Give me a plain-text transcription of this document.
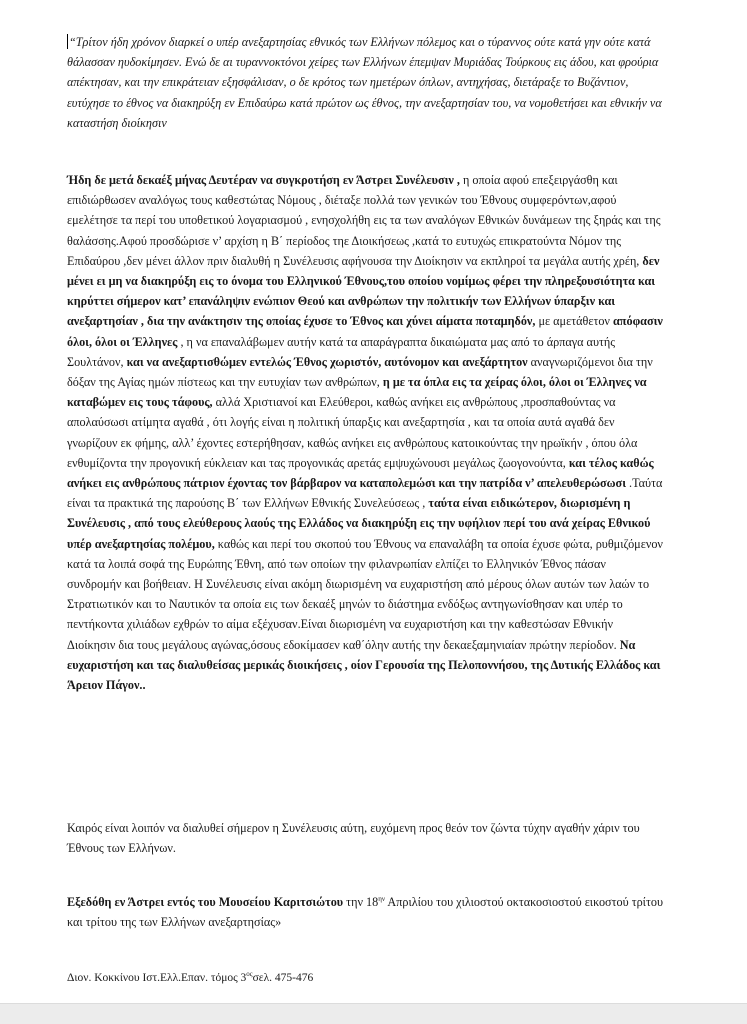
“Τρίτον ήδη χρόνον διαρκεί ο υπέρ ανεξαρτησίας εθνικός των Ελλήνων πόλεμος και ο τύραννος ούτε κατά γην ούτε κατά θάλασσαν ηυδοκίμησεν. Ενώ δε αι τυραννοκτόνοι χείρες των Ελλήνων έπεμψαν Μυριάδας Τούρκους εις άδου, και φρούρια απέκτησαν, και την επικράτειαν εξησφάλισαν, ο δε κρότος των ημετέρων όπλων, αντηχήσας, διετάραξε το Βυζάντιον, ευτύχησε το έθνος να διακηρύξη εν Επιδαύρω κατά πρώτον ως έθνος, την ανεξαρτησίαν του, να νομοθετήσει και εθνικήν να καταστήση διοίκησιν

Ήδη δε μετά δεκαέξ μήνας Δευτέραν να συγκροτήση εν Άστρει Συνέλευσιν , η οποία αφού επεξειργάσθη και επιδιώρθωσεν αναλόγως τους καθεστώτας Νόμους , διέταξε πολλά των γενικών του Έθνους συμφερόντων,αφού εμελέτησε τα περί του υποθετικού λογαριασμού , ενησχολήθη εις τα των αναλόγων Εθνικών δυνάμεων της ξηράς και της θαλάσσης.Αφού προσδώρισε ν’ αρχίση η Β΄ περίοδος τηε Διοικήσεως ,κατά το ευτυχώς επικρατούντα Νόμον της Επιδαύρου ,δεν μένει άλλον πριν διαλυθή η Συνέλευσις αφήνουσα την Διοίκησιν να εκπληροί τα μεγάλα αυτής χρέη, δεν μένει ει μη να διακηρύξη εις το όνομα του Ελληνικού Έθνους,του οποίου νομίμως φέρει την πληρεξουσιότητα και κηρύττει σήμερον κατ’ επανάληψιν ενώπιον Θεού και ανθρώπων την πολιτικήν των Ελλήνων ύπαρξιν και ανεξαρτησίαν , δια την ανάκτησιν της οποίας έχυσε το Έθνος και χύνει αίματα ποταμηδόν, με αμετάθετον απόφασιν όλοι, όλοι οι Έλληνες , η να επαναλάβωμεν αυτήν κατά τα απαράγραπτα δικαιώματα μας από το άρπαγα αυτής Σουλτάνον, και να ανεξαρτισθώμεν εντελώς Έθνος χωριστόν, αυτόνομον και ανεξάρτητον αναγνωριζόμενοι δια την δόξαν της Αγίας ημών πίστεως και την ευτυχίαν των ανθρώπων, η με τα όπλα εις τα χείρας όλοι, όλοι οι Έλληνες να καταβώμεν εις τους τάφους, αλλά Χριστιανοί και Ελεύθεροι, καθώς ανήκει εις ανθρώπους ,προσπαθούντας να απολαύσωσι ατίμητα αγαθά , ότι λογής είναι η πολιτική ύπαρξις και ανεξαρτησία , και τα οποία αυτά αγαθά δεν γνωρίζουν εκ φήμης, αλλ’ έχοντες εστερήθησαν, καθώς ανήκει εις ανθρώπους κατοικούντας την ηρωϊκήν , όπου όλα ενθυμίζοντα την προγονική εύκλειαν και τας προγονικάς αρετάς εμψυχώνουσι μεγάλως ζωογονούντα, και τέλος καθώς ανήκει εις ανθρώπους πάτριον έχοντας τον βάρβαρον να καταπολεμώσι και την πατρίδα ν’ απελευθερώσωσι .Ταύτα είναι τα πρακτικά της παρούσης Β΄ των Ελλήνων Εθνικής Συνελεύσεως , ταύτα είναι ειδικώτερον, διωρισμένη η Συνέλευσις , από τους ελεύθερους λαούς της Ελλάδος να διακηρύξη εις την υφήλιον περί του ανά χείρας Εθνικού υπέρ ανεξαρτησίας πολέμου, καθώς και περί του σκοπού του Έθνους να επαναλάβη τα οποία έχυσε φώτα, ρυθμιζόμενον κατά τα λοιπά σοφά της Ευρώπης Έθνη, από των οποίων την φιλανρωπίαν ελπίζει το Ελληνικόν Έθνος πάσαν συνδρομήν και βοήθειαν. Η Συνέλευσις είναι ακόμη διωρισμένη να ευχαριστήση από μέρους όλων αυτών των λαών το Στρατιωτικόν και το Ναυτικόν τα οποία εις των δεκαέξ μηνών το διάστημα ενδόξως αντηγωνίσθησαν και υπέρ το πεντήκοντα χιλιάδων εχθρών το αίμα εξέχυσαν.Είναι διωρισμένη να ευχαριστήση και την καθεστώσαν Εθνικήν Διοίκησιν δια τους μεγάλους αγώνας,όσους εδοκίμασεν καθ΄όλην αυτής την δεκαεξαμηνιαίαν πρώτην περίοδον. Να ευχαριστήση και τας διαλυθείσας μερικάς διοικήσεις , οίον Γερουσία της Πελοποννήσου, της Δυτικής Ελλάδος και Άρειον Πάγον..

Καιρός είναι λοιπόν να διαλυθεί σήμερον η Συνέλευσις αύτη, ευχόμενη προς θεόν τον ζώντα τύχην αγαθήν χάριν του Έθνους των Ελλήνων.

Εξεδόθη εν Άστρει εντός του Μουσείου Καριτσιώτου την $18^{\eta\nu}$ Απριλίου του χιλιοστού οκτακοσιοστού εικοστού τρίτου και τρίτου της των Ελλήνων ανεξαρτησίας»

Διον. Κοκκίνου Ιστ.Ελλ.Επαν. τόμος $3^{o\varsigma}\sigma\varepsilon\lambda$. 475-476
